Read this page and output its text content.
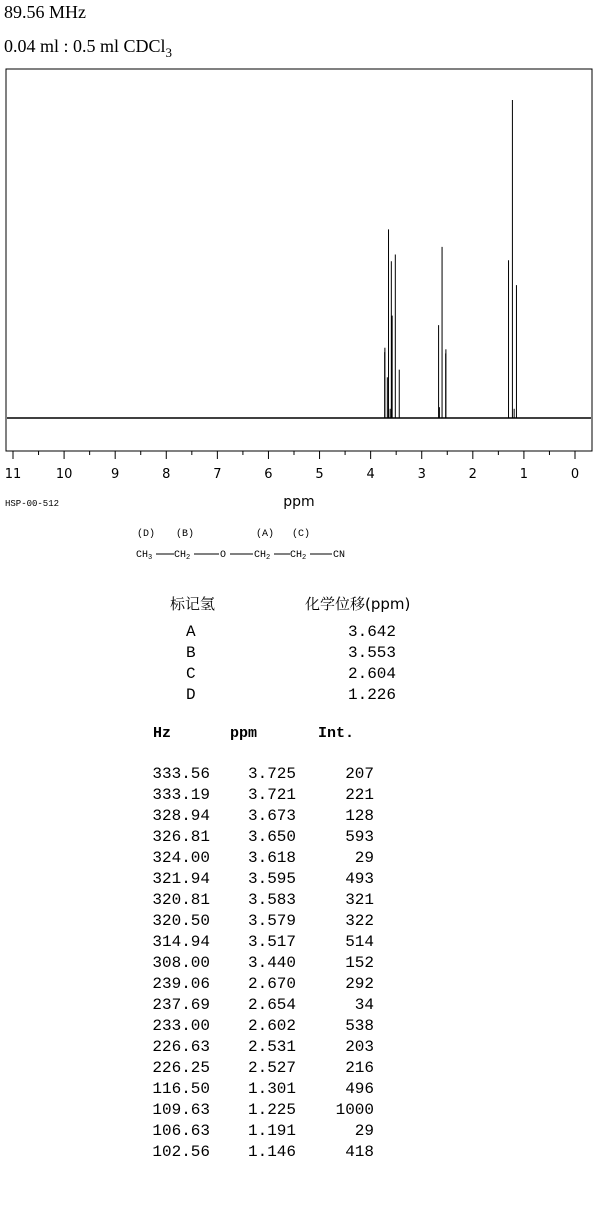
89.56 MHz
0.04 ml : 0.5 ml CDCl$_3$
11	10	9	8	7	6	5	4	3	2	1	0
ppm
HSP-00-512
(D) (B)	(A) (C)
$CH_3$ $CH_2$	O	$CH_2$ $CH_2$	CN
标记氢	化学位移(ppm)
A	3.642
B	3.553
C	2.604
D	1.226
Hz	ppm	Int.
333.56	3.725	207
333.19	3.721	221
328.94	3.673	128
326.81	3.650	593
324.00	3.618	29
321.94	3.595	493
320.81	3.583	321
320.50	3.579	322
314.94	3.517	514
308.00	3.440	152
239.06	2.670	292
237.69	2.654	34
233.00	2.602	538
226.63	2.531	203
226.25	2.527	216
116.50	1.301	496
109.63	1.225	1000
106.63	1.191	29
102.56	1.146	418
